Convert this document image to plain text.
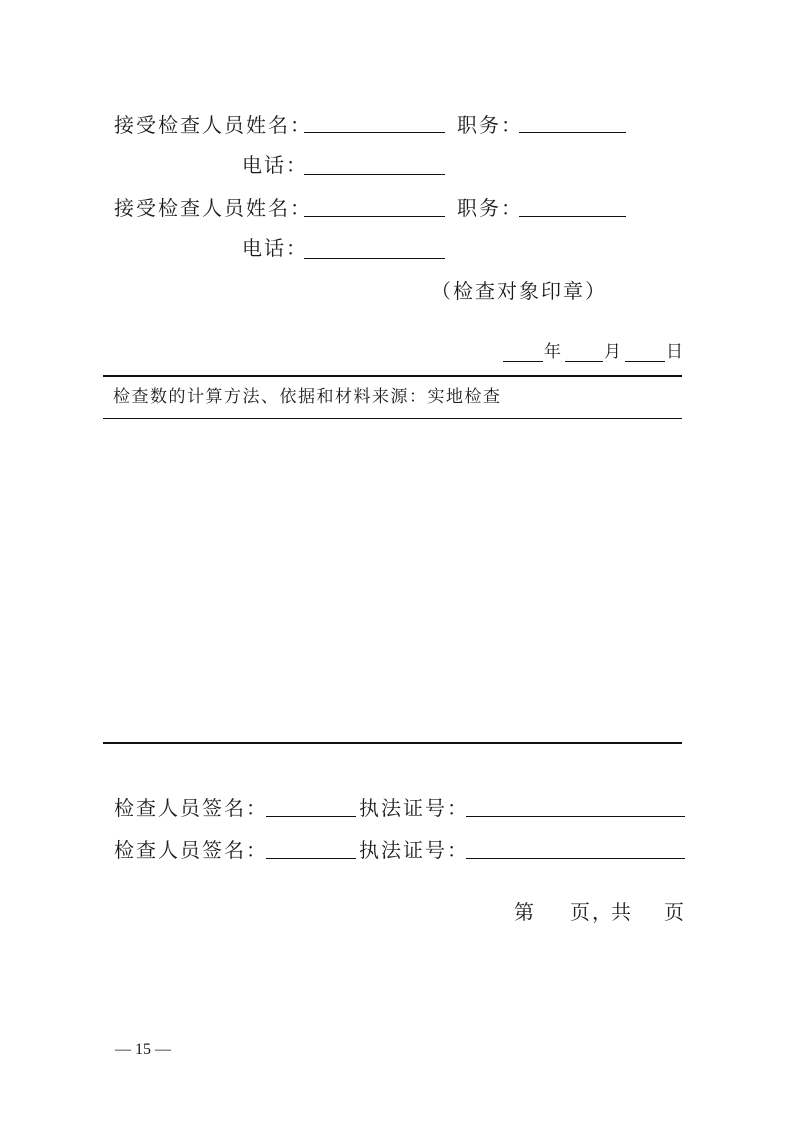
接受检查人员姓名：	职务：
电话：
接受检查人员姓名：	职务：
电话：
（检查对象印章）
年 月	日
检查数的计算方法、依据和材料来源：实地检查
检查人员签名：	执法证号：
检查人员签名：	执法证号：
第 页，
共 页
— 15 —
